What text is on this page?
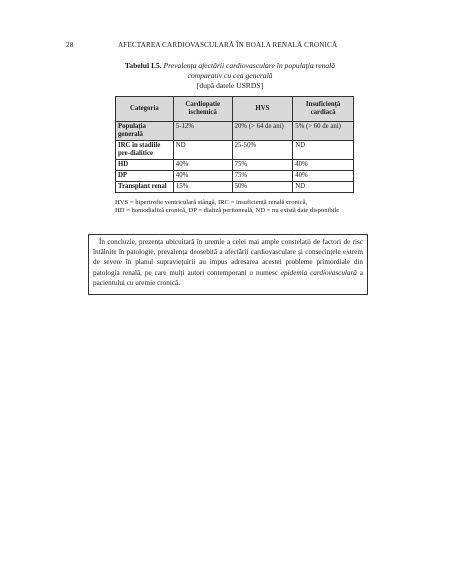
28	AFECTAREA CARDIOVASCULARĂ ÎN BOALA RENALĂ CRONICĂ
Tabelul I.5. Prevalența afectării cardiovasculare în populația renală
comparativ cu cea generală
[după datele USRDS]
Categoria	Cardiopatie ischemică	HVS	Insuficiență cardiacă
Populația generală	5-12%	20% (> 64 de ani)	5% (> 60 de ani)
IRC în stadiile pre-dialitice	ND	25-50%	ND
HD	40%	75%	40%
DP	40%	75%	40%
Transplant renal	15%	50%	ND
HVS = hipertrofie ventriculară stângă, IRC = insuficiență renală cronică,
HD = homodializă cronică, DP = dializă peritoneală, ND = nu există date disponibile

În concluzie, prezența ubicuitară în uremie a celei mai ample constelații de factori de risc întâlnite în patologie, prevalența deosebită a afectării cardiovasculare și consecințele extrem de severe în planul supraviețuirii au impus adresarea acestei probleme primordiale din patologia renală, pe care mulți autori contemporani o numesc epidemia cardiovasculară a pacientului cu uremie cronică.
